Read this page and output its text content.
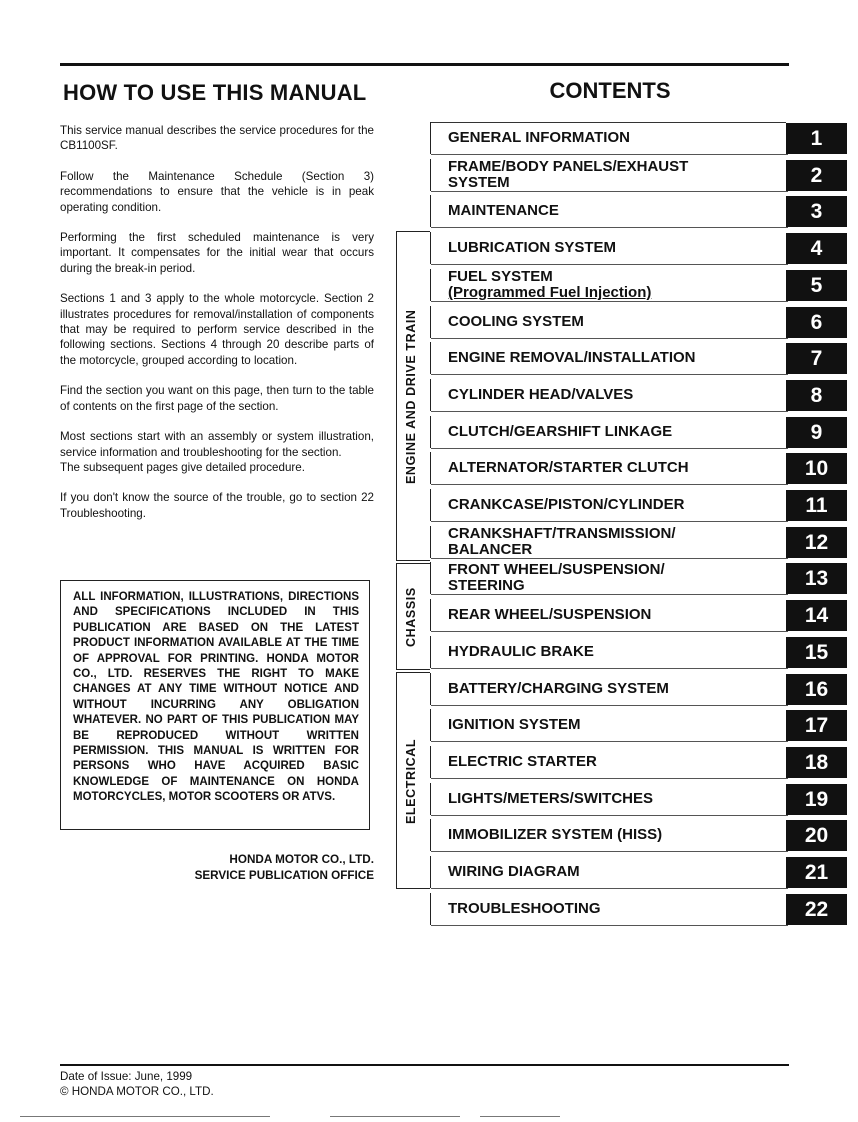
HOW TO USE THIS MANUAL	CONTENTS

This service manual describes the service procedures for the CB1100SF.

Follow the Maintenance Schedule (Section 3) recommendations to ensure that the vehicle is in peak operating condition.

Performing the first scheduled maintenance is very important. It compensates for the initial wear that occurs during the break-in period.

Sections 1 and 3 apply to the whole motorcycle. Section 2 illustrates procedures for removal/installation of components that may be required to perform service described in the following sections. Sections 4 through 20 describe parts of the motorcycle, grouped according to location.

Find the section you want on this page, then turn to the table of contents on the first page of the section.

Most sections start with an assembly or system illustration, service information and troubleshooting for the section.

The subsequent pages give detailed procedure.

If you don't know the source of the trouble, go to section 22 Troubleshooting.

ALL INFORMATION, ILLUSTRATIONS, DIRECTIONS AND SPECIFICATIONS INCLUDED IN THIS PUBLICATION ARE BASED ON THE LATEST PRODUCT INFORMATION AVAILABLE AT THE TIME OF APPROVAL FOR PRINTING. HONDA MOTOR CO., LTD. RESERVES THE RIGHT TO MAKE CHANGES AT ANY TIME WITHOUT NOTICE AND WITHOUT INCURRING ANY OBLIGATION WHATEVER. NO PART OF THIS PUBLICATION MAY BE REPRODUCED WITHOUT WRITTEN PERMISSION. THIS MANUAL IS WRITTEN FOR PERSONS WHO HAVE ACQUIRED BASIC KNOWLEDGE OF MAINTENANCE ON HONDA MOTORCYCLES, MOTOR SCOOTERS OR ATVS.
HONDA MOTOR CO., LTD.
SERVICE PUBLICATION OFFICE
ENGINE AND DRIVE TRAIN
CHASSIS
ELECTRICAL
GENERAL INFORMATION	1
FRAME/BODY PANELS/EXHAUST
SYSTEM	2
MAINTENANCE	3
LUBRICATION SYSTEM	4
FUEL SYSTEM
(Programmed Fuel Injection)	5
COOLING SYSTEM	6
ENGINE REMOVAL/INSTALLATION	7
CYLINDER HEAD/VALVES	8
CLUTCH/GEARSHIFT LINKAGE	9
ALTERNATOR/STARTER CLUTCH	10
CRANKCASE/PISTON/CYLINDER	11
CRANKSHAFT/TRANSMISSION/
BALANCER	12
FRONT WHEEL/SUSPENSION/
STEERING	13
REAR WHEEL/SUSPENSION	14
HYDRAULIC BRAKE	15
BATTERY/CHARGING SYSTEM	16
IGNITION SYSTEM	17
ELECTRIC STARTER	18
LIGHTS/METERS/SWITCHES	19
IMMOBILIZER SYSTEM (HISS)	20
WIRING DIAGRAM	21
TROUBLESHOOTING	22
Date of Issue: June, 1999
© HONDA MOTOR CO., LTD.
